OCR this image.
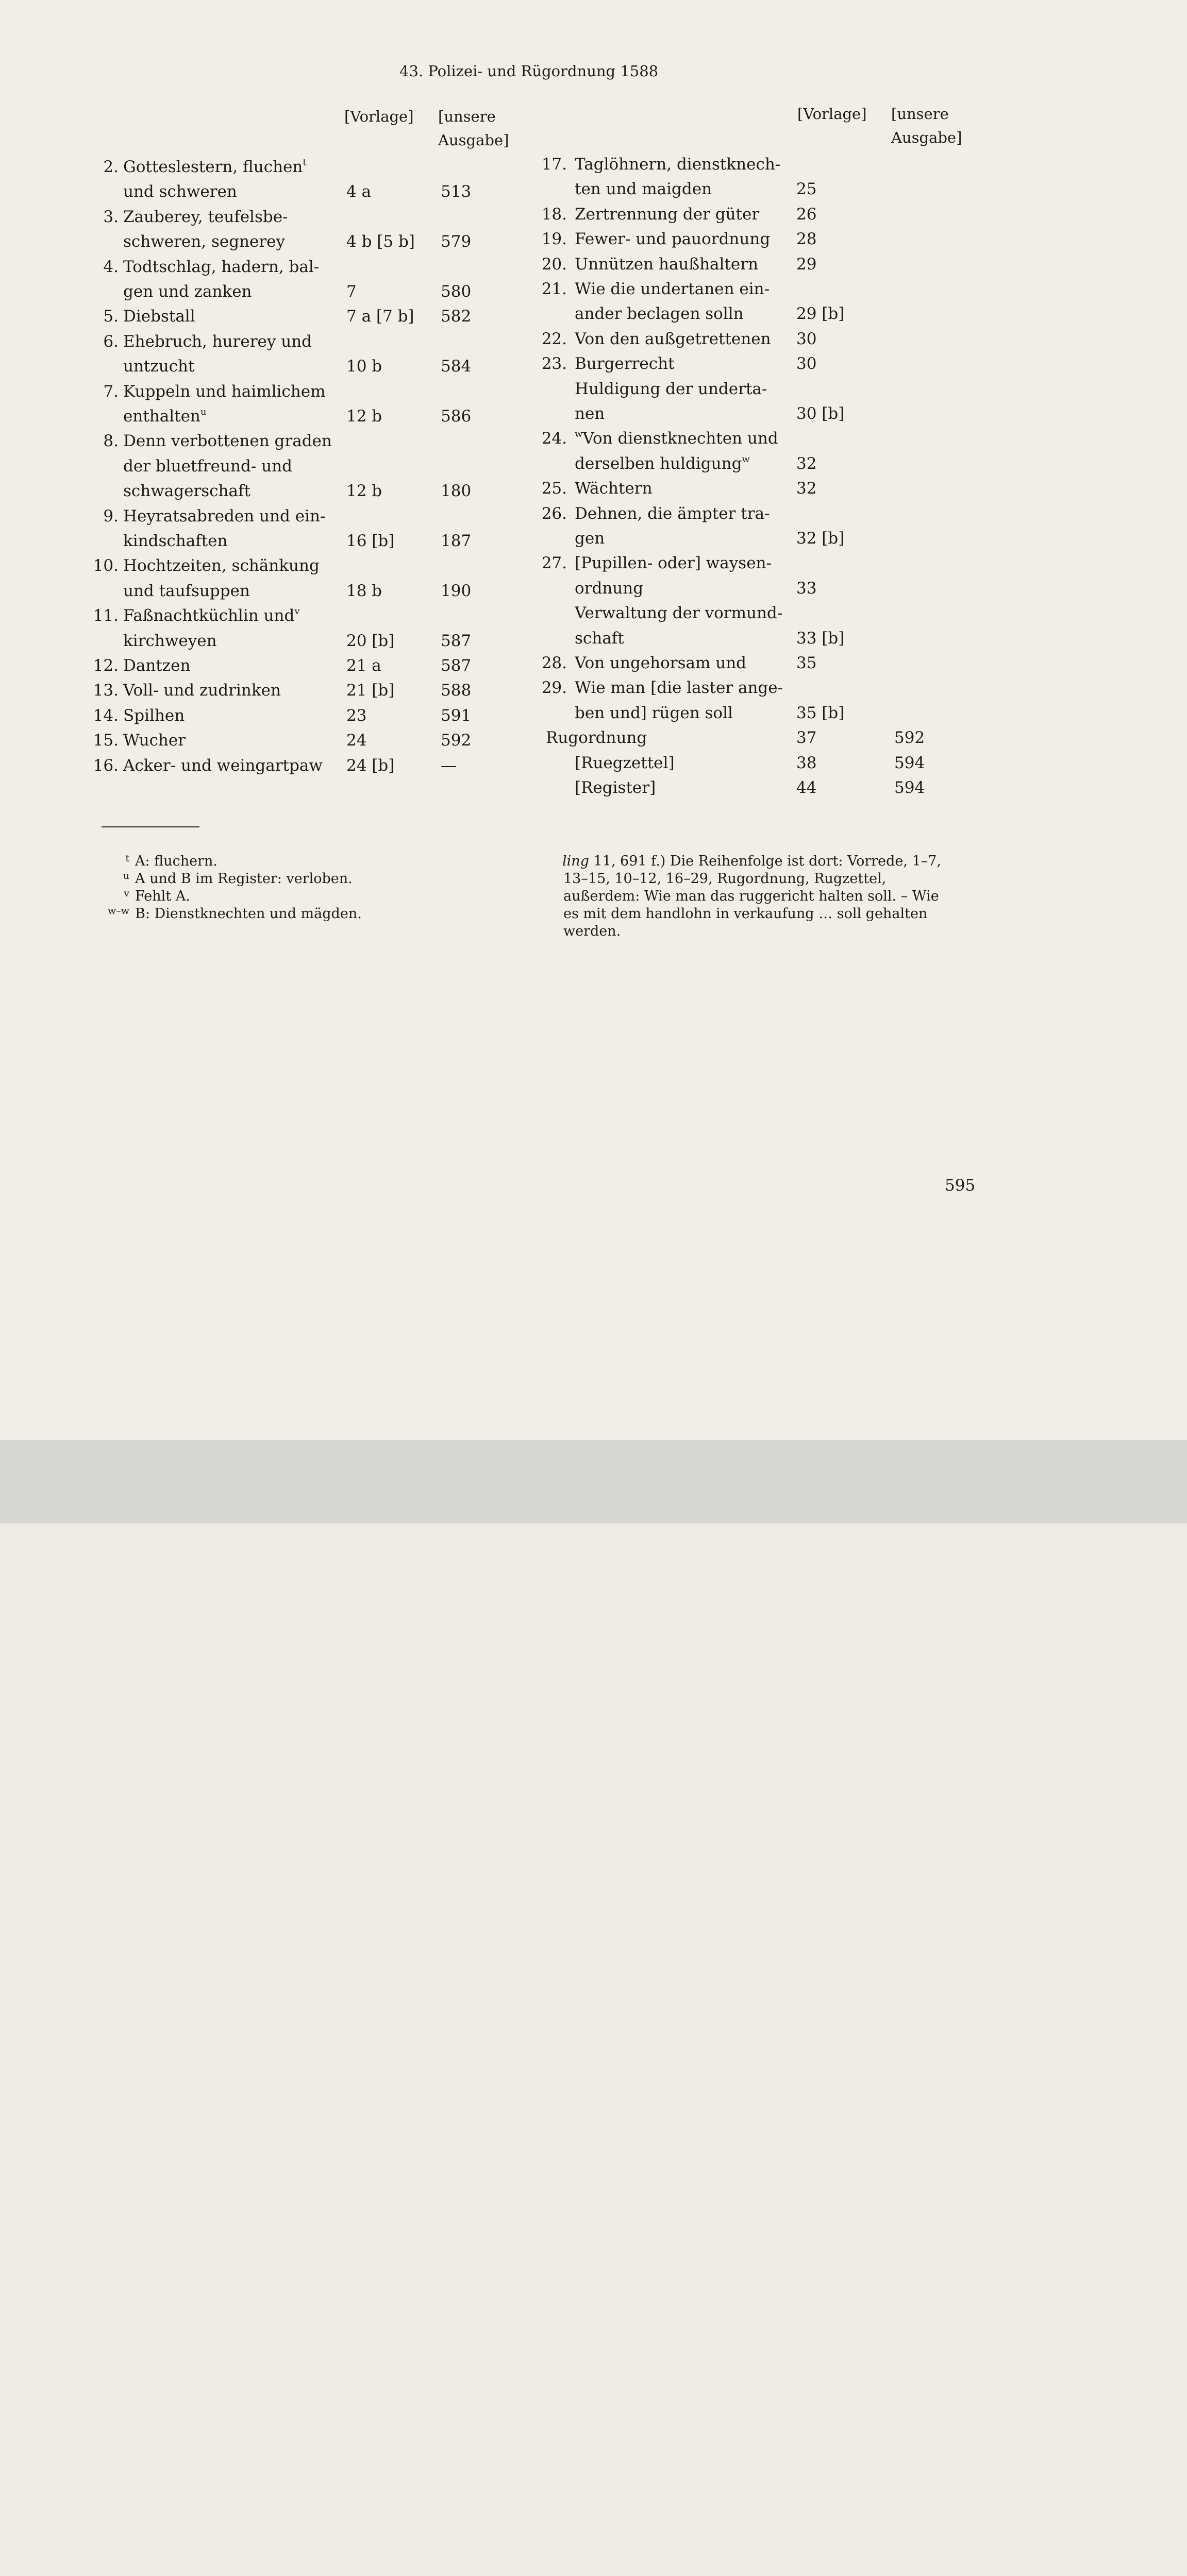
43. Polizei- und Rügordnung 1588
[Vorlage] [unsere
Ausgabe]
[Vorlage] [unsere
Ausgabe]
2. Gotteslestern, fluchen$^t$
und schweren	4 a	513
3. Zauberey, teufelsbe-
schweren, segnerey	4 b [5 b] 579
4. Todtschlag, hadern, bal-
gen und zanken	7	580
5. Diebstall	7 a [7 b] 582
6. Ehebruch, hurerey und
untzucht	10 b	584
7. Kuppeln und haimlichem
enthalten$^u$	12 b	586
8. Denn verbottenen graden
der bluetfreund- und
schwagerschaft	12 b	180
9. Heyratsabreden und ein-
kindschaften	16 [b]	187
10. Hochtzeiten, schänkung
und taufsuppen	18 b	190
11. Faßnachtküchlin und$^v$
kirchweyen	20 [b]	587
12. Dantzen	21 a	587
13. Voll- und zudrinken	21 [b]	588
14. Spilhen	23	591
15. Wucher	24	592
16. Acker- und weingartpaw 24 [b]	—
17. Taglöhnern, dienstknech-
ten und maigden	25
18. Zertrennung der güter 26
19. Fewer- und pauordnung 28
20. Unnützen haußhaltern 29
21. Wie die undertanen ein-
ander beclagen solln	29 [b]
22. Von den außgetrettenen 30
23. Burgerrecht	30
Huldigung der underta-
nen	30 [b]
24. $^w$Von dienstknechten und
derselben huldigung$^w$	32
25. Wächtern	32
26. Dehnen, die ämpter tra-
gen	32 [b]
27. [Pupillen- oder] waysen-
ordnung	33
Verwaltung der vormund-
schaft	33 [b]
28. Von ungehorsam und	35
29. Wie man [die laster ange-
ben und] rügen soll	35 [b]
Rugordnung	37	592
[Ruegzettel]	38	594
[Register]	44	594
t A: fluchern.
u A und B im Register: verloben.
v Fehlt A.
w–w B: Dienstknechten und mägden.
ling 11, 691 f.) Die Reihenfolge ist dort: Vorrede, 1–7,
13–15, 10–12, 16–29, Rugordnung, Rugzettel,
außerdem: Wie man das ruggericht halten soll. – Wie
es mit dem handlohn in verkaufung … soll gehalten
werden.
595
